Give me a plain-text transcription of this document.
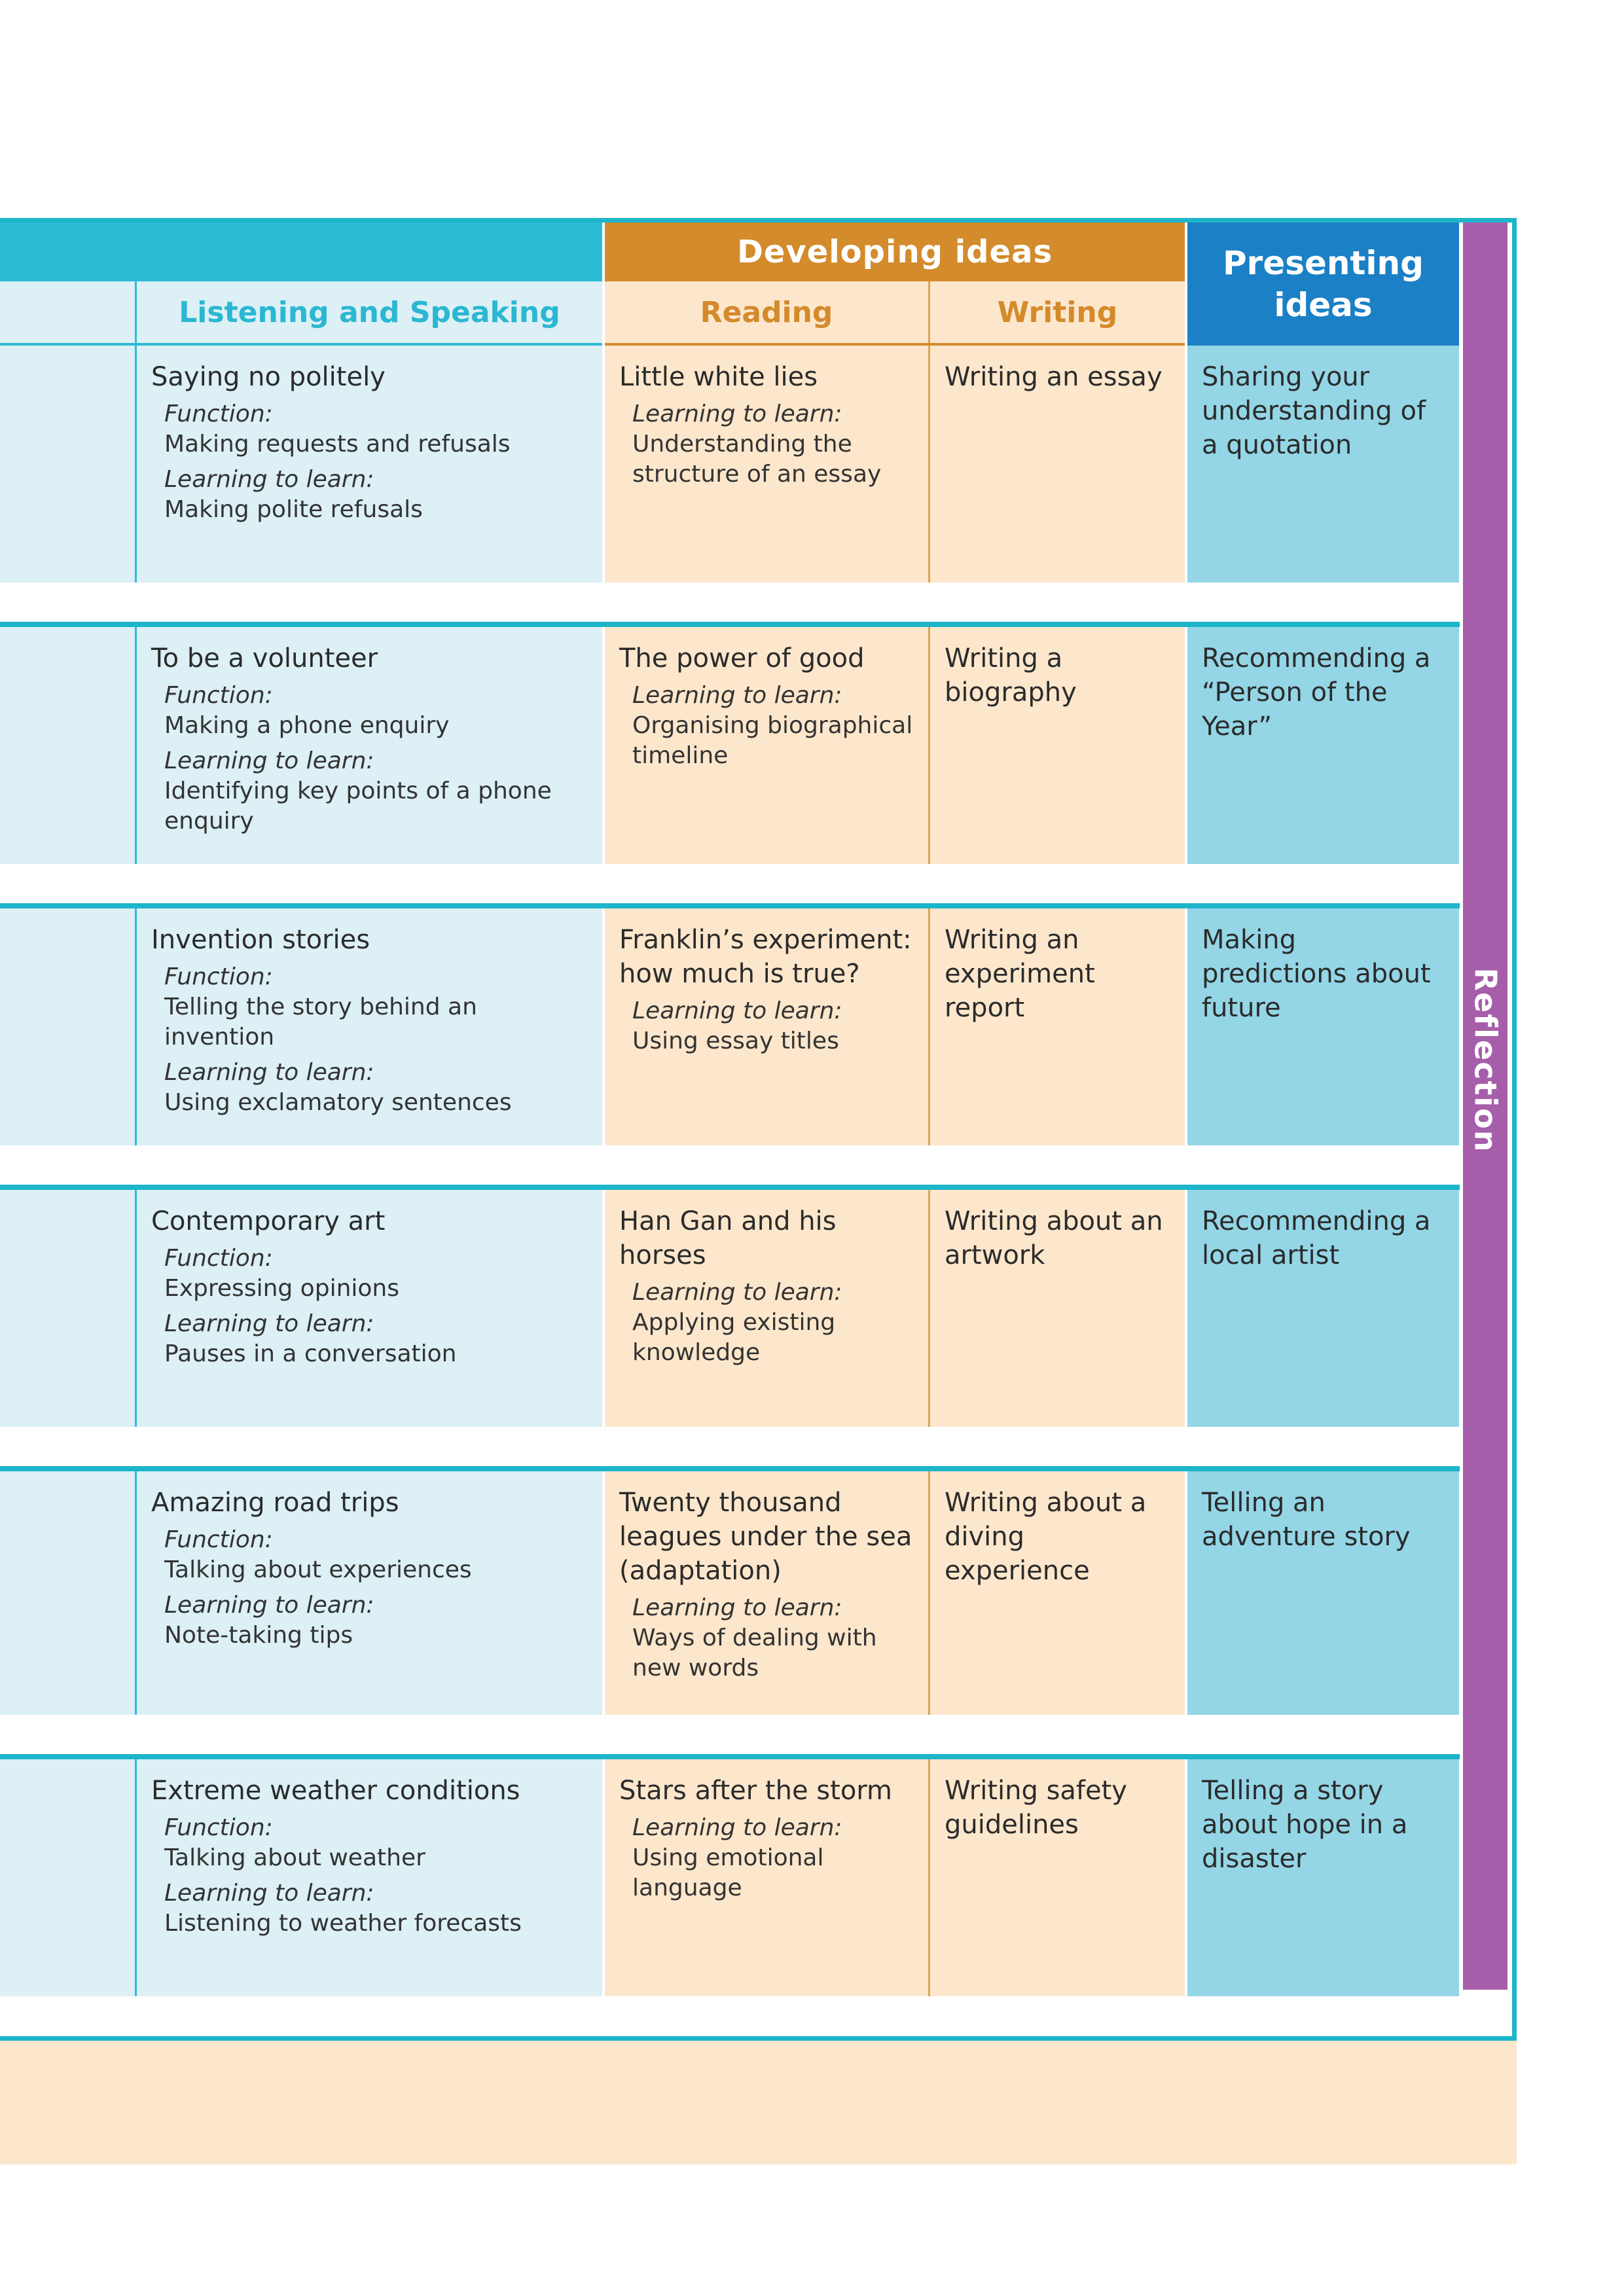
Listening and Speaking
Developing ideas
Reading	Writing
Presenting ideas
Reflection
Saying no politely
Function:
Making requests and refusals
Learning to learn:
Making polite refusals
Little white lies
Learning to learn:
Understanding the structure of an essay
Writing an essay	Sharing your understanding of a quotation
To be a volunteer
Function:
Making a phone enquiry
Learning to learn:
Identifying key points of a phone enquiry
The power of good
Learning to learn:
Organising biographical timeline
Writing a biography
Recommending a “Person of the Year”
Invention stories
Function:
Telling the story behind an invention
Learning to learn:
Using exclamatory sentences
Franklin’s experiment: how much is true?
Learning to learn:
Using essay titles
Writing an experiment report
Making predictions about future
Contemporary art
Function:
Expressing opinions
Learning to learn:
Pauses in a conversation
Han Gan and his horses
Learning to learn:
Applying existing knowledge
Writing about an artwork
Recommending a local artist
Amazing road trips
Function:
Talking about experiences
Learning to learn:
Note-taking tips
Twenty thousand leagues under the sea (adaptation)
Learning to learn:
Ways of dealing with new words
Writing about a diving experience
Telling an adventure story
Extreme weather conditions
Function:
Talking about weather
Learning to learn:
Listening to weather forecasts
Stars after the storm
Learning to learn:
Using emotional language
Writing safety guidelines
Telling a story about hope in a disaster
